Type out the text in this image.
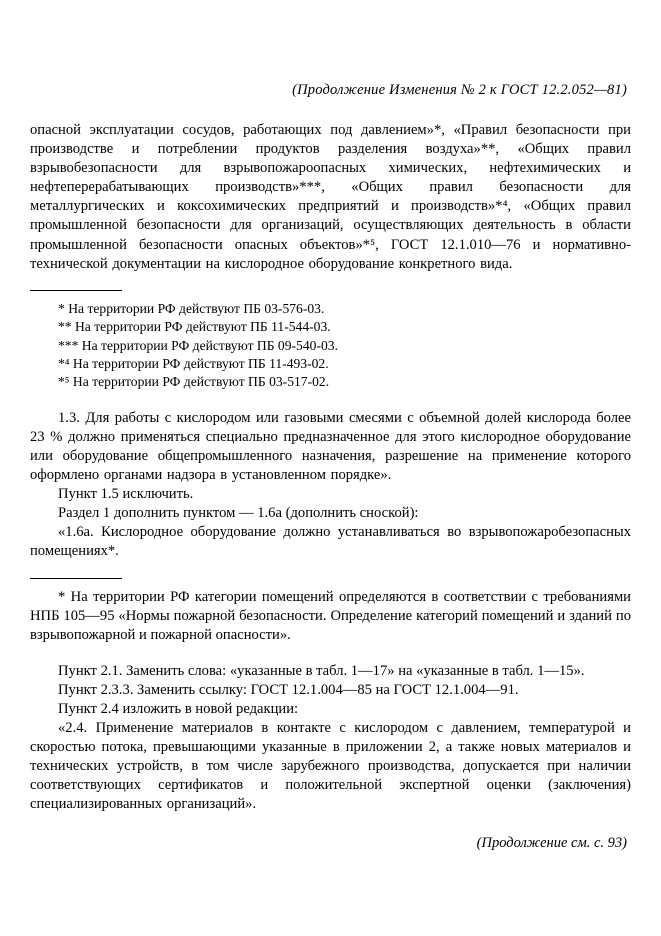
(Продолжение Изменения № 2 к ГОСТ 12.2.052—81)

опасной эксплуатации сосудов, работающих под давлением»*, «Правил безопасности при производстве и потреблении продуктов разделения воздуха»**, «Общих правил взрывобезопасности для взрывопожароопасных химических, нефтехимических и нефтеперерабатывающих производств»***, «Общих правил безопасности для металлургических и коксохимических предприятий и производств»*⁴, «Общих правил промышленной безопасности для организаций, осуществляющих деятельность в области промышленной безопасности опасных объектов»*⁵, ГОСТ 12.1.010—76 и нормативно-технической документации на кислородное оборудование конкретного вида.

* На территории РФ действуют ПБ 03-576-03.
** На территории РФ действуют ПБ 11-544-03.
*** На территории РФ действуют ПБ 09-540-03.
*⁴ На территории РФ действуют ПБ 11-493-02.
*⁵ На территории РФ действуют ПБ 03-517-02.

1.3. Для работы с кислородом или газовыми смесями с объемной долей кислорода более 23 % должно применяться специально предназначенное для этого кислородное оборудование или оборудование общепромышленного назначения, разрешение на применение которого оформлено органами надзора в установленном порядке».

Пункт 1.5 исключить.

Раздел 1 дополнить пунктом — 1.6а (дополнить сноской):

«1.6а. Кислородное оборудование должно устанавливаться во взрывопожаробезопасных помещениях*.

* На территории РФ категории помещений определяются в соответствии с требованиями НПБ 105—95 «Нормы пожарной безопасности. Определение категорий помещений и зданий по взрывопожарной и пожарной опасности».

Пункт 2.1. Заменить слова: «указанные в табл. 1—17» на «указанные в табл. 1—15».

Пункт 2.3.3. Заменить ссылку: ГОСТ 12.1.004—85 на ГОСТ 12.1.004—91.

Пункт 2.4 изложить в новой редакции:

«2.4. Применение материалов в контакте с кислородом с давлением, температурой и скоростью потока, превышающими указанные в приложении 2, а также новых материалов и технических устройств, в том числе зарубежного производства, допускается при наличии соответствующих сертификатов и положительной экспертной оценки (заключения) специализированных организаций».

(Продолжение см. с. 93)
